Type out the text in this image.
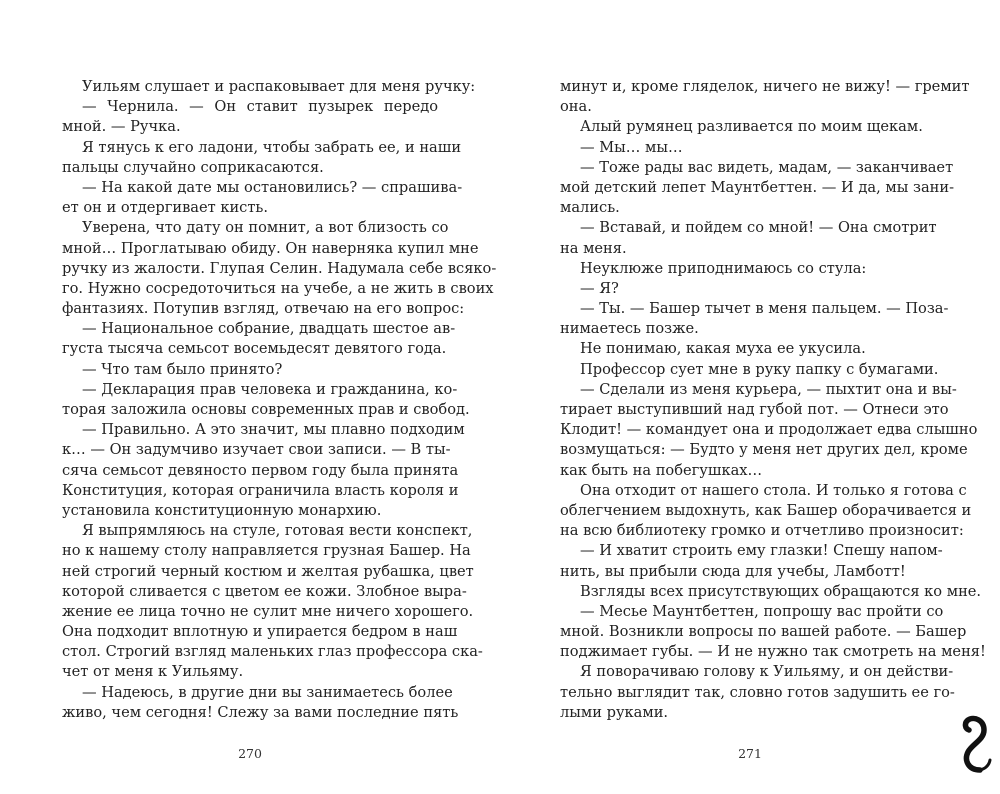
Уильям слушает и распаковывает для меня ручку:
— Чернила. — Он ставит пузырек передо
мной. — Ручка.
Я тянусь к его ладони, чтобы забрать ее, и наши
пальцы случайно соприкасаются.
— На какой дате мы остановились? — спрашива-
ет он и отдергивает кисть.
Уверена, что дату он помнит, а вот близость со
мной… Проглатываю обиду. Он наверняка купил мне
ручку из жалости. Глупая Селин. Надумала себе всяко-
го. Нужно сосредоточиться на учебе, а не жить в своих
фантазиях. Потупив взгляд, отвечаю на его вопрос:
— Национальное собрание, двадцать шестое ав-
густа тысяча семьсот восемьдесят девятого года.
— Что там было принято?
— Декларация прав человека и гражданина, ко-
торая заложила основы современных прав и свобод.
— Правильно. А это значит, мы плавно подходим
к… — Он задумчиво изучает свои записи. — В ты-
сяча семьсот девяносто первом году была принята
Конституция, которая ограничила власть короля и
установила конституционную монархию.
Я выпрямляюсь на стуле, готовая вести конспект,
но к нашему столу направляется грузная Башер. На
ней строгий черный костюм и желтая рубашка, цвет
которой сливается с цветом ее кожи. Злобное выра-
жение ее лица точно не сулит мне ничего хорошего.
Она подходит вплотную и упирается бедром в наш
стол. Строгий взгляд маленьких глаз профессора ска-
чет от меня к Уильяму.
— Надеюсь, в другие дни вы занимаетесь более
живо, чем сегодня! Слежу за вами последние пять
270
минут и, кроме гляделок, ничего не вижу! — гремит
она.
Алый румянец разливается по моим щекам.
— Мы… мы…
— Тоже рады вас видеть, мадам, — заканчивает
мой детский лепет Маунтбеттен. — И да, мы зани-
мались.
— Вставай, и пойдем со мной! — Она смотрит
на меня.
Неуклюже приподнимаюсь со стула:
— Я?
— Ты. — Башер тычет в меня пальцем. — Поза-
нимаетесь позже.
Не понимаю, какая муха ее укусила.
Профессор сует мне в руку папку с бумагами.
— Сделали из меня курьера, — пыхтит она и вы-
тирает выступивший над губой пот. — Отнеси это
Клодит! — командует она и продолжает едва слышно
возмущаться: — Будто у меня нет других дел, кроме
как быть на побегушках…
Она отходит от нашего стола. И только я готова с
облегчением выдохнуть, как Башер оборачивается и
на всю библиотеку громко и отчетливо произносит:
— И хватит строить ему глазки! Спешу напом-
нить, вы прибыли сюда для учебы, Ламботт!
Взгляды всех присутствующих обращаются ко мне.
— Месье Маунтбеттен, попрошу вас пройти со
мной. Возникли вопросы по вашей работе. — Башер
поджимает губы. — И не нужно так смотреть на меня!
Я поворачиваю голову к Уильяму, и он действи-
тельно выглядит так, словно готов задушить ее го-
лыми руками.
271
